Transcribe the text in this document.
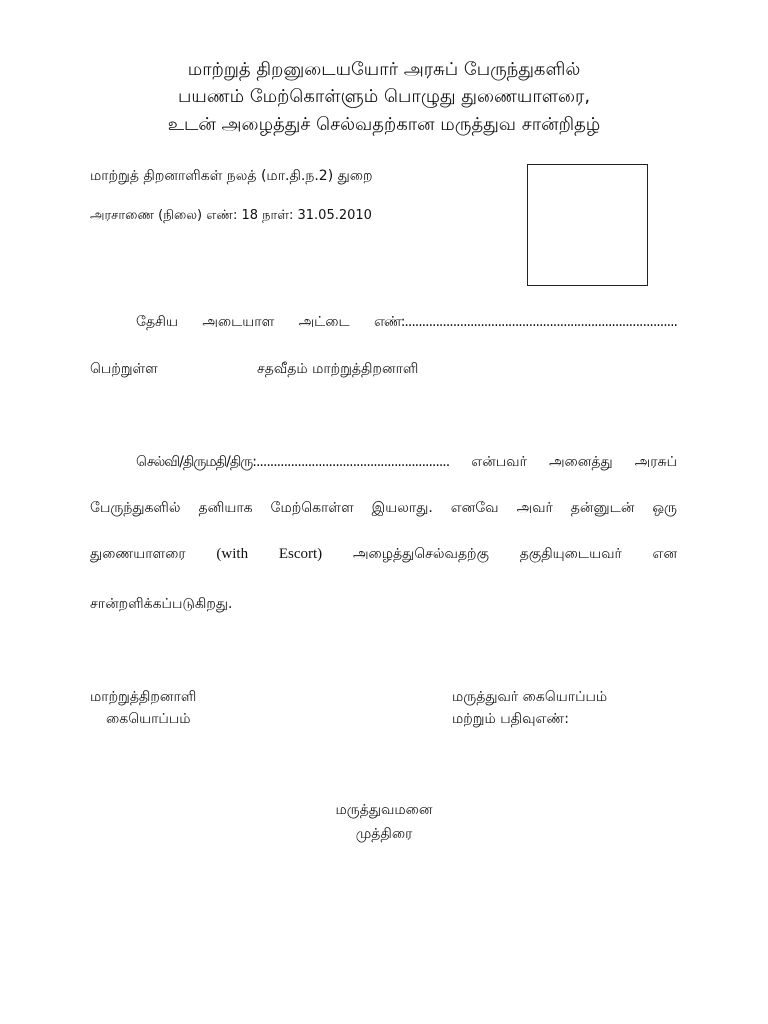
மாற்றுத் திறனுடையயோர் அரசுப் பேருந்துகளில்
பயணம் மேற்கொள்ளும் பொழுது துணையாளரை,
உடன் அழைத்துச் செல்வதற்கான மருத்துவ சான்றிதழ்
மாற்றுத் திறனாளிகள் நலத் (மா.தி.ந.2) துறை
அரசாணை (நிலை) எண்: 18 நாள்: 31.05.2010
தேசிய அடையாள அட்டை எண்:...............................................................................
பெற்றுள்ள	சதவீதம் மாற்றுத்திறனாளி
செல்வி/திருமதி/திரு:........................................................ என்பவர் அனைத்து அரசுப்
பேருந்துகளில் தனியாக மேற்கொள்ள இயலாது. எனவே அவர் தன்னுடன் ஒரு
துணையாளரை (with Escort) அழைத்துசெல்வதற்கு தகுதியுடையவர் என
சான்றளிக்கப்படுகிறது.
மாற்றுத்திறனாளி
கையொப்பம்
மருத்துவர் கையொப்பம்
மற்றும் பதிவுஎண்:
மருத்துவமனை
முத்திரை
